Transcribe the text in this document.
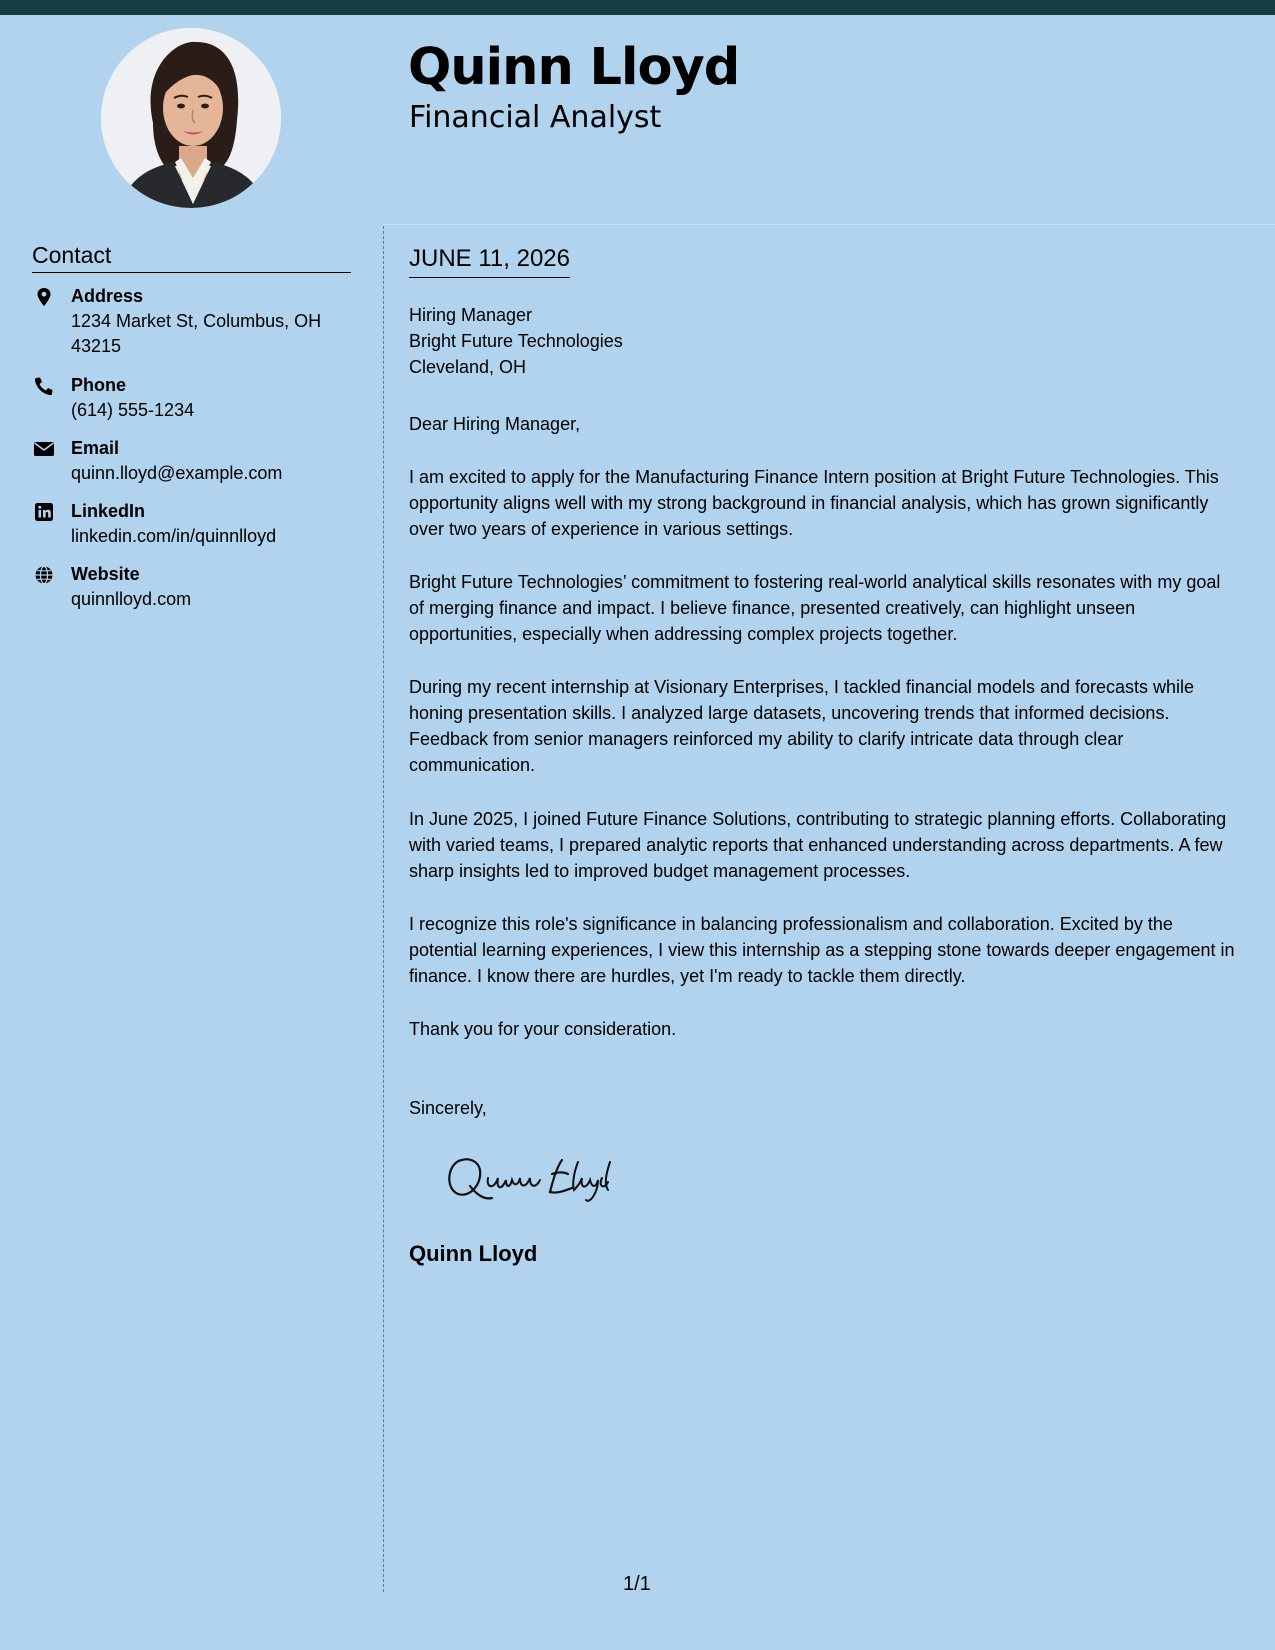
Quinn Lloyd
Financial Analyst
Contact
Address
1234 Market St, Columbus, OH 43215
Phone
(614) 555-1234
Email
quinn.lloyd@example.com
LinkedIn
linkedin.com/in/quinnlloyd
Website
quinnlloyd.com
JUNE 11, 2026
Hiring Manager
Bright Future Technologies
Cleveland, OH
Dear Hiring Manager,
I am excited to apply for the Manufacturing Finance Intern position at Bright Future Technologies. This opportunity aligns well with my strong background in financial analysis, which has grown significantly over two years of experience in various settings.
Bright Future Technologies’ commitment to fostering real-world analytical skills resonates with my goal of merging finance and impact. I believe finance, presented creatively, can highlight unseen opportunities, especially when addressing complex projects together.
During my recent internship at Visionary Enterprises, I tackled financial models and forecasts while honing presentation skills. I analyzed large datasets, uncovering trends that informed decisions. Feedback from senior managers reinforced my ability to clarify intricate data through clear communication.
In June 2025, I joined Future Finance Solutions, contributing to strategic planning efforts. Collaborating with varied teams, I prepared analytic reports that enhanced understanding across departments. A few sharp insights led to improved budget management processes.
I recognize this role's significance in balancing professionalism and collaboration. Excited by the potential learning experiences, I view this internship as a stepping stone towards deeper engagement in finance. I know there are hurdles, yet I'm ready to tackle them directly.
Thank you for your consideration.
Sincerely,
Quinn Lloyd
1/1
